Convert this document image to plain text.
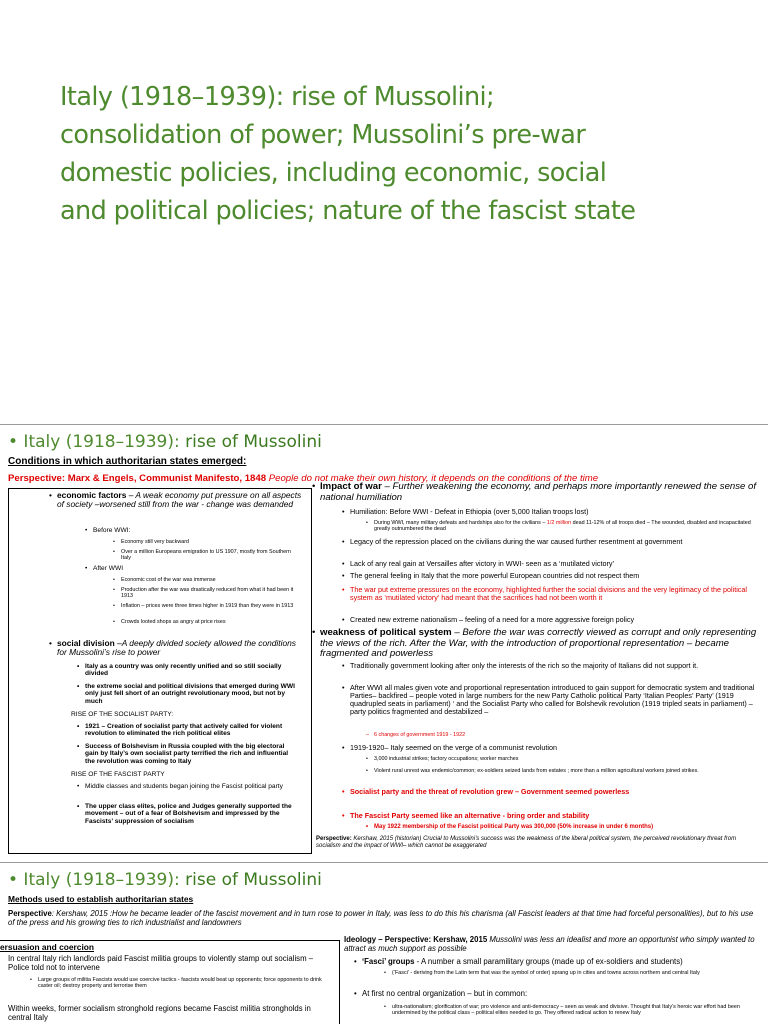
Italy (1918–1939): rise of Mussolini;
consolidation of power; Mussolini’s pre-war
domestic policies, including economic, social
and political policies; nature of the fascist state
• Italy (1918–1939): rise of Mussolini
Conditions in which authoritarian states emerged:
Perspective: Marx & Engels, Communist Manifesto, 1848 People do not make their own history, it depends on the conditions of the time
• economic factors – A weak economy put pressure on all aspects of society –worsened still from the war - change was demanded
• Before WWI:
• Economy still very backward
• Over a million Europeans emigration to US 1907, mostly from Southern Italy
• After WWI
• Economic cost of the war was immense
• Production after the war was drastically reduced from what it had been it 1913
• Inflation – prices were three times higher in 1919 than they were in 1913
• Crowds looted shops as angry at price rises
• social division –A deeply divided society allowed the conditions for Mussolini’s rise to power
• Italy as a country was only recently unified and so still socially divided
• the extreme social and political divisions that emerged during WWI only just fell short of an outright revolutionary mood, but not by much
RISE OF THE SOCIALIST PARTY:
• 1921 – Creation of socialist party that actively called for violent revolution to eliminated the rich political elites
• Success of Bolshevism in Russia coupled with the big electoral gain by Italy’s own socialist party terrified the rich and influential the revolution was coming to Italy
RISE OF THE FASCIST PARTY
• Middle classes and students began joining the Fascist political party
• The upper class elites, police and Judges generally supported the movement – out of a fear of Bolshevism and impressed by the Fascists’ suppression of socialism
• Impact of war – Further weakening the economy, and perhaps more importantly renewed the sense of national humiliation
• Humiliation: Before WWI - Defeat in Ethiopia (over 5,000 Italian troops lost)
• During WWI, many military defeats and hardships also for the civilians – 1/2 million dead 11-12% of all troops died – The wounded, disabled and incapacitated greatly outnumbered the dead
• Legacy of the repression placed on the civilians during the war caused further resentment at government
• Lack of any real gain at Versailles after victory in WWI- seen as a ‘mutilated victory’
• The general feeling in Italy that the more powerful European countries did not respect them
• The war put extreme pressures on the economy, highlighted further the social divisions and the very legitimacy of the political system as ‘mutilated victory’ had meant that the sacrifices had not been worth it
• Created new extreme nationalism – feeling of a need for a more aggressive foreign policy
• weakness of political system – Before the war was correctly viewed as corrupt and only representing the views of the rich. After the War, with the introduction of proportional representation – became fragmented and powerless
• Traditionally government looking after only the interests of the rich so the majority of Italians did not support it.
• After WWI all males given vote and proportional representation introduced to gain support for democratic system and traditional Parties– backfired – people voted in large numbers for the new Party Catholic political Party ‘Italian Peoples’ Party’ (1919 quadrupled seats in parliament) ‘ and the Socialist Party who called for Bolshevik revolution (1919 tripled seats in parliament) – party politics fragmented and destabilized –
– 6 changes of government 1919 - 1922
• 1919-1920– Italy seemed on the verge of a communist revolution
• 3,000 industrial strikes; factory occupations; worker marches
• Violent rural unrest was endemic/common; ex-soldiers seized lands from estates ; more than a million agricultural workers joined strikes.
• Socialist party and the threat of revolution grew – Government seemed powerless
• The Fascist Party seemed like an alternative - bring order and stability
• May 1922 membership of the Fascist political Party was 300,000 (50% increase in under 6 months)
Perspective: Kershaw, 2015 (historian) Crucial to Mussolini’s success was the weakness of the liberal political system, the perceived revolutionary threat from socialism and the impact of WWI– which cannot be exaggerated
• Italy (1918–1939): rise of Mussolini
Methods used to establish authoritarian states
Perspective: Kershaw, 2015 :How he became leader of the fascist movement and in turn rose to power in Italy, was less to do this his charisma (all Fascist leaders at that time had forceful personalities), but to his use of the press and his growing ties to rich industrialist and landowners
ersuasion and coercion
In central Italy rich landlords paid Fascist militia groups to violently stamp out socialism – Police told not to intervene
• Large groups of militia Fascists would use coercive tactics - fascists would beat up opponents; force opponents to drink caster oil; destroy property and terrorise them
Within weeks, former socialism stronghold regions became Fascist militia strongholds in central Italy
Ideology – Perspective: Kershaw, 2015 Mussolini was less an idealist and more an opportunist who simply wanted to attract as much support as possible
• ‘Fasci’ groups - A number a small paramilitary groups (made up of ex-soldiers and students)
• (‘Fasci’ - deriving from the Latin term that was the symbol of order) sprang up in cities and towns across northern and central Italy
• At first no central organization – but in common:
• ultra-nationalism; glorification of war; pro violence and anti-democracy – seen as weak and divisive. Thought that Italy’s heroic war effort had been undermined by the political class – political elites needed to go. They offered radical action to renew Italy
